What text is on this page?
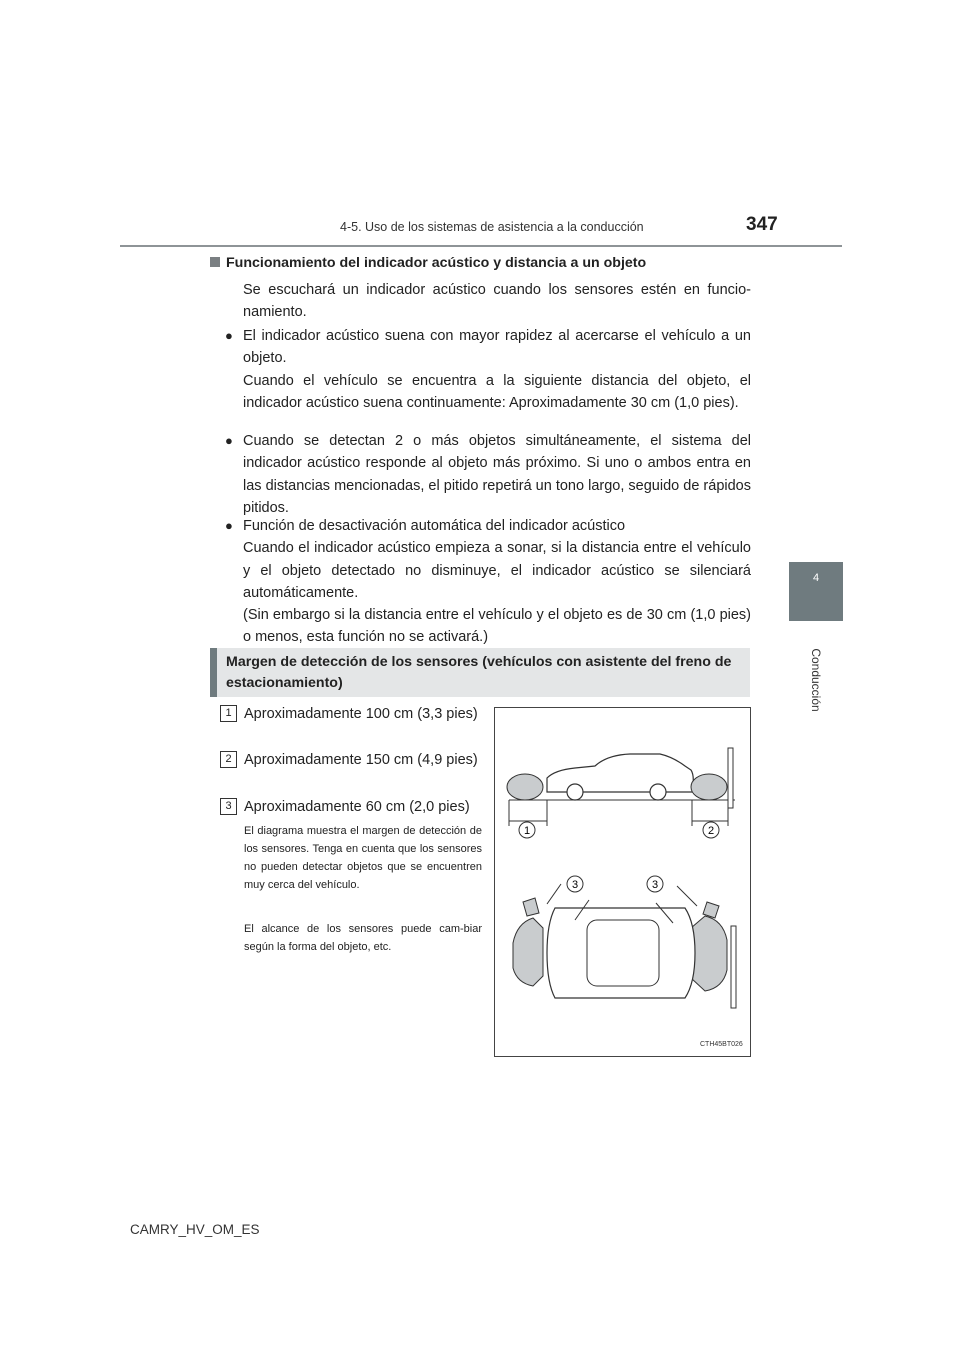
4-5. Uso de los sistemas de asistencia a la conducción	347
4
Conducción
Funcionamiento del indicador acústico y distancia a un objeto
Se escuchará un indicador acústico cuando los sensores estén en funcio-namiento.
● El indicador acústico suena con mayor rapidez al acercarse el vehículo a un objeto.
Cuando el vehículo se encuentra a la siguiente distancia del objeto, el indicador acústico suena continuamente: Aproximadamente 30 cm (1,0 pies).
● Cuando se detectan 2 o más objetos simultáneamente, el sistema del indicador acústico responde al objeto más próximo. Si uno o ambos entra en las distancias mencionadas, el pitido repetirá un tono largo, seguido de rápidos pitidos.
● Función de desactivación automática del indicador acústico
Cuando el indicador acústico empieza a sonar, si la distancia entre el vehículo y el objeto detectado no disminuye, el indicador acústico se silenciará automáticamente.
(Sin embargo si la distancia entre el vehículo y el objeto es de 30 cm (1,0 pies) o menos, esta función no se activará.)
Margen de detección de los sensores (vehículos con asistente del freno de estacionamiento)
1 Aproximadamente 100 cm (3,3 pies)
2 Aproximadamente 150 cm (4,9 pies)
3 Aproximadamente 60 cm (2,0 pies)
El diagrama muestra el margen de detección de los sensores. Tenga en cuenta que los sensores no pueden detectar objetos que se encuentren muy cerca del vehículo.
El alcance de los sensores puede cam-biar según la forma del objeto, etc.
1	2
3	3
CTH45BT026
CAMRY_HV_OM_ES
